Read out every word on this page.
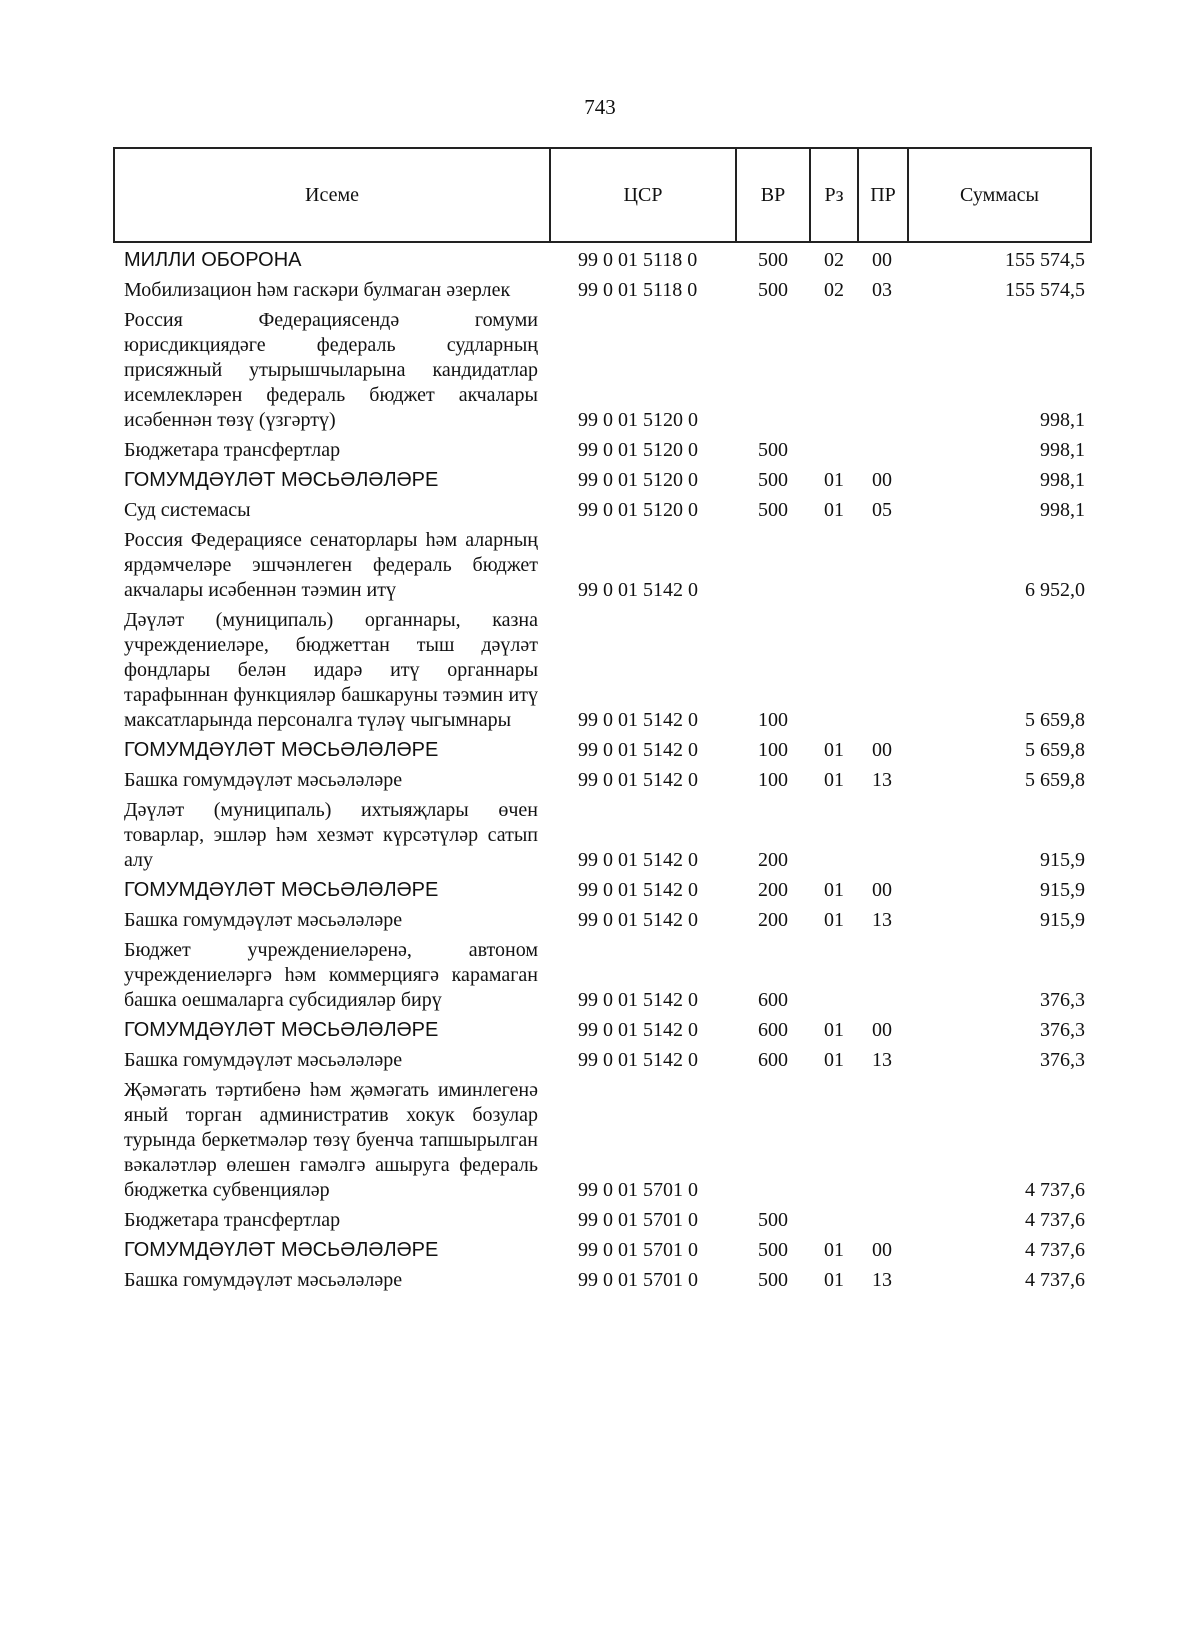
743
Исеме	ЦСР	ВР	Рз	ПР	Суммасы
МИЛЛИ ОБОРОНА	99 0 01 5118 0	500	02	00	155 574,5
Мобилизацион һәм гаскәри булмаган әзерлек	99 0 01 5118 0	500	02	03	155 574,5
Россия Федерациясендә гомуми юрисдикциядәге федераль судларның присяжный утырышчыларына кандидатлар исемлекләрен федераль бюджет акчалары исәбеннән төзү (үзгәртү)	99 0 01 5120 0				998,1
Бюджетара трансфертлар	99 0 01 5120 0	500			998,1
ГОМУМДӘҮЛӘТ МӘСЬӘЛӘЛӘРЕ	99 0 01 5120 0	500	01	00	998,1
Суд системасы	99 0 01 5120 0	500	01	05	998,1
Россия Федерациясе сенаторлары һәм аларның ярдәмчеләре эшчәнлеген федераль бюджет акчалары исәбеннән тәэмин итү	99 0 01 5142 0				6 952,0
Дәүләт (муниципаль) органнары, казна учреждениеләре, бюджеттан тыш дәүләт фондлары белән идарә итү органнары тарафыннан функцияләр башкаруны тәэмин итү максатларында персоналга түләү чыгымнары	99 0 01 5142 0	100			5 659,8
ГОМУМДӘҮЛӘТ МӘСЬӘЛӘЛӘРЕ	99 0 01 5142 0	100	01	00	5 659,8
Башка гомумдәүләт мәсьәләләре	99 0 01 5142 0	100	01	13	5 659,8
Дәүләт (муниципаль) ихтыяҗлары өчен товарлар, эшләр һәм хезмәт күрсәтүләр сатып алу	99 0 01 5142 0	200			915,9
ГОМУМДӘҮЛӘТ МӘСЬӘЛӘЛӘРЕ	99 0 01 5142 0	200	01	00	915,9
Башка гомумдәүләт мәсьәләләре	99 0 01 5142 0	200	01	13	915,9
Бюджет учреждениеләренә, автоном учреждениеләргә һәм коммерциягә карамаган башка оешмаларга субсидияләр бирү	99 0 01 5142 0	600			376,3
ГОМУМДӘҮЛӘТ МӘСЬӘЛӘЛӘРЕ	99 0 01 5142 0	600	01	00	376,3
Башка гомумдәүләт мәсьәләләре	99 0 01 5142 0	600	01	13	376,3
Җәмәгать тәртибенә һәм җәмәгать иминлегенә яный торган административ хокук бозулар турында беркетмәләр төзү буенча тапшырылган вәкаләтләр өлешен гамәлгә ашыруга федераль бюджетка субвенцияләр	99 0 01 5701 0				4 737,6
Бюджетара трансфертлар	99 0 01 5701 0	500			4 737,6
ГОМУМДӘҮЛӘТ МӘСЬӘЛӘЛӘРЕ	99 0 01 5701 0	500	01	00	4 737,6
Башка гомумдәүләт мәсьәләләре	99 0 01 5701 0	500	01	13	4 737,6
